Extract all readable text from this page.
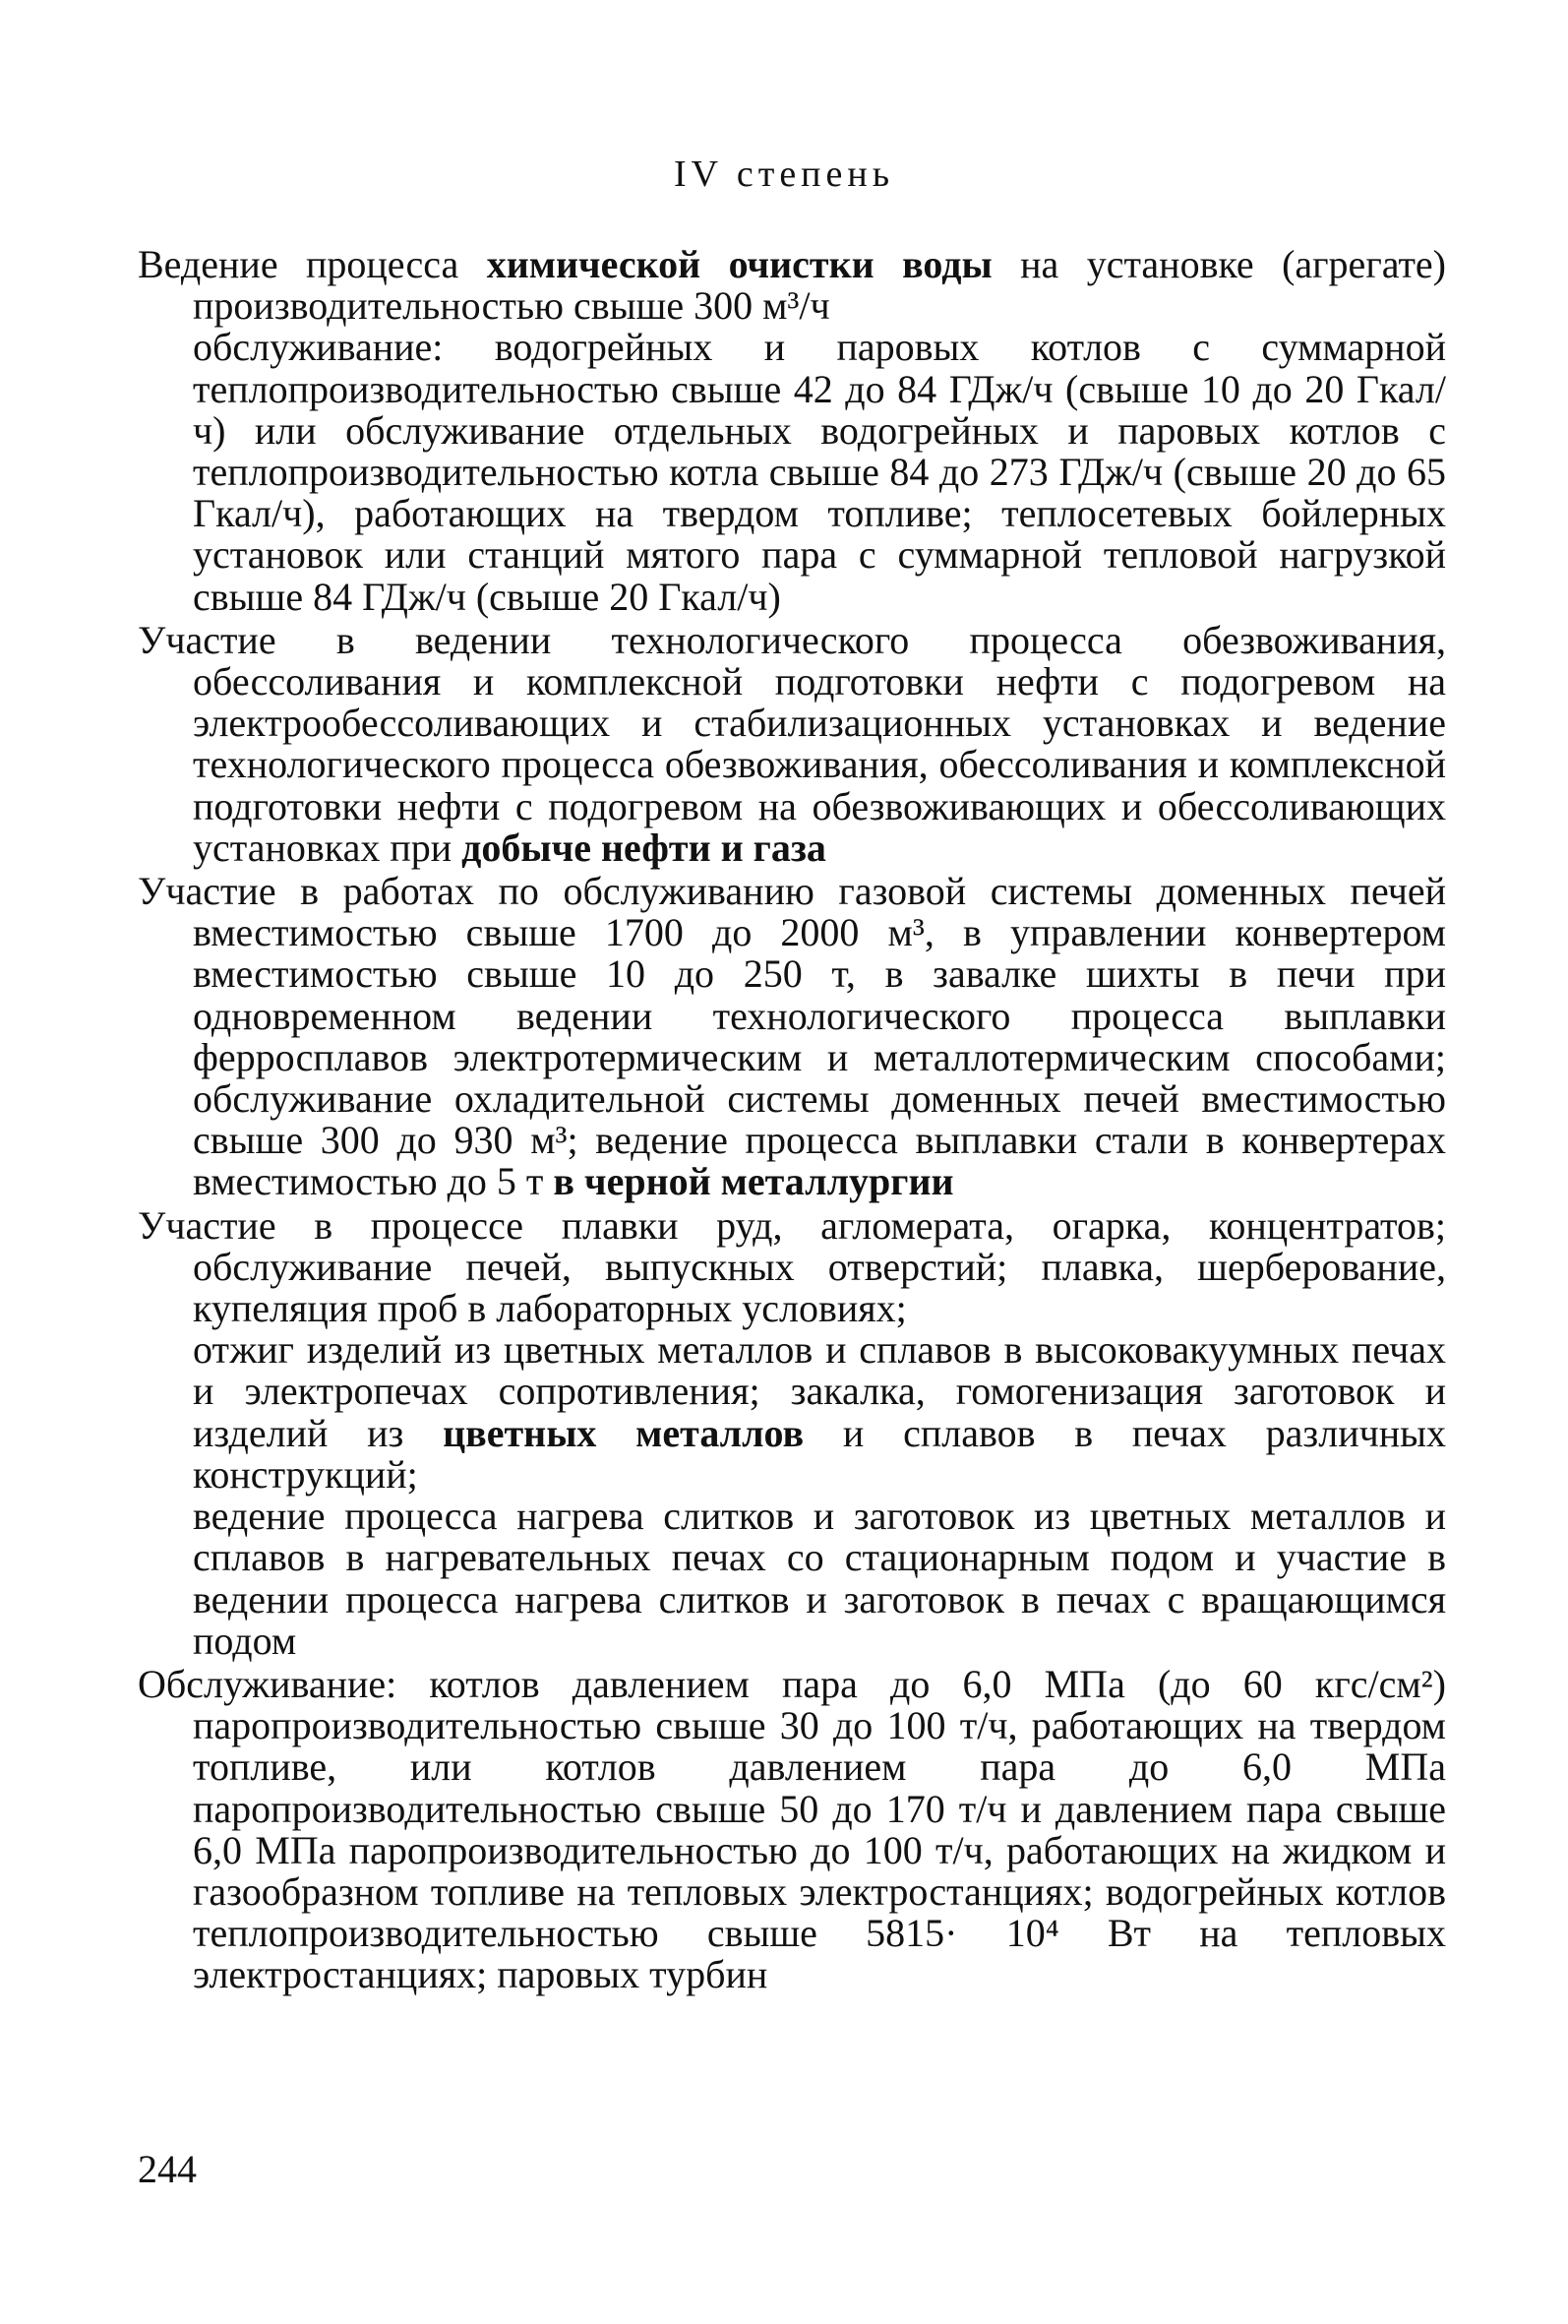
IV степень

Ведение процесса химической очистки воды на установке (агрегате) производительностью свыше 300 м³/ч

обслуживание: водогрейных и паровых котлов с суммарной теплопроизводительностью свыше 42 до 84 ГДж/ч (свыше 10 до 20 Гкал/ч) или обслуживание отдельных водогрейных и паровых котлов с теплопроизводительностью котла свыше 84 до 273 ГДж/ч (свыше 20 до 65 Гкал/ч), работающих на твердом топливе; теплосетевых бойлерных установок или станций мятого пара с суммарной тепловой нагрузкой свыше 84 ГДж/ч (свыше 20 Гкал/ч)

Участие в ведении технологического процесса обезвоживания, обессоливания и комплексной подготовки нефти с подогревом на электрообессоливающих и стабилизационных установках и ведение технологического процесса обезвоживания, обессоливания и комплексной подготовки нефти с подогревом на обезвоживающих и обессоливающих установках при добыче нефти и газа

Участие в работах по обслуживанию газовой системы доменных печей вместимостью свыше 1700 до 2000 м³, в управлении конвертером вместимостью свыше 10 до 250 т, в завалке шихты в печи при одновременном ведении технологического процесса выплавки ферросплавов электротермическим и металлотермическим способами; обслуживание охладительной системы доменных печей вместимостью свыше 300 до 930 м³; ведение процесса выплавки стали в конвертерах вместимостью до 5 т в черной металлургии

Участие в процессе плавки руд, агломерата, огарка, концентратов; обслуживание печей, выпускных отверстий; плавка, шерберование, купеляция проб в лабораторных условиях;

отжиг изделий из цветных металлов и сплавов в высоковакуумных печах и электропечах сопротивления; закалка, гомогенизация заготовок и изделий из цветных металлов и сплавов в печах различных конструкций;

ведение процесса нагрева слитков и заготовок из цветных металлов и сплавов в нагревательных печах со стационарным подом и участие в ведении процесса нагрева слитков и заготовок в печах с вращающимся подом

Обслуживание: котлов давлением пара до 6,0 МПа (до 60 кгс/см²) паропроизводительностью свыше 30 до 100 т/ч, работающих на твердом топливе, или котлов давлением пара до 6,0 МПа паропроизводительностью свыше 50 до 170 т/ч и давлением пара свыше 6,0 МПа паропроизводительностью до 100 т/ч, работающих на жидком и газообразном топливе на тепловых электростанциях; водогрейных котлов теплопроизводительностью свыше 5815· 10⁴ Вт на тепловых электростанциях; паровых турбин

244
